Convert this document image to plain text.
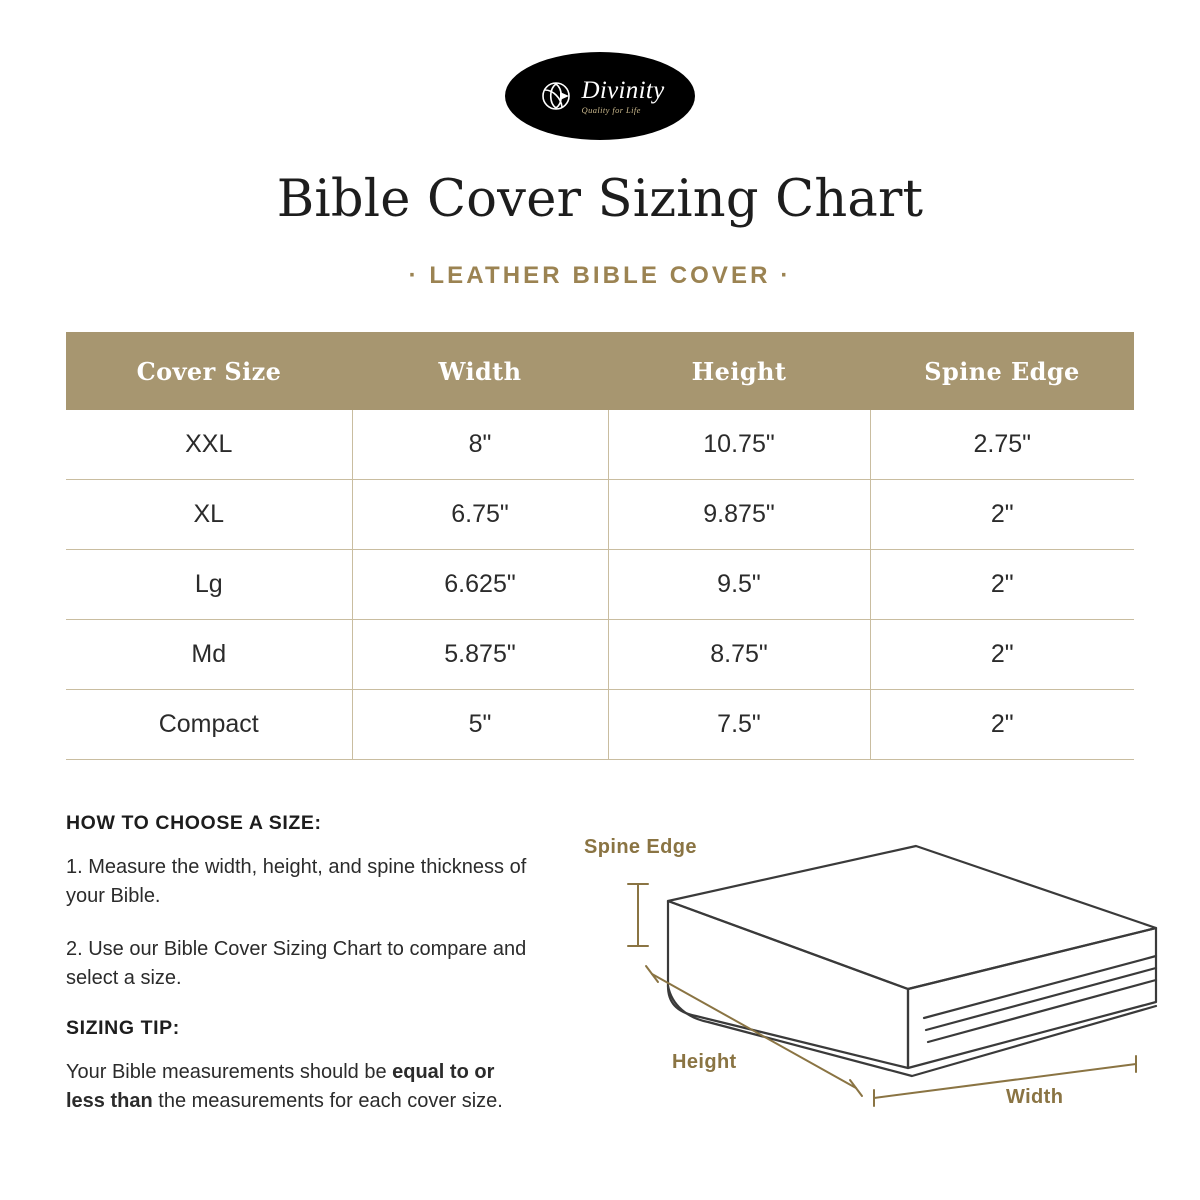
Divinity
Quality for Life
Bible Cover Sizing Chart
· LEATHER BIBLE COVER ·
Cover Size	Width	Height	Spine Edge
XXL	8"	10.75"	2.75"
XL	6.75"	9.875"	2"
Lg	6.625"	9.5"	2"
Md	5.875"	8.75"	2"
Compact	5"	7.5"	2"
HOW TO CHOOSE A SIZE:

1. Measure the width, height, and spine thickness of your Bible.

2. Use our Bible Cover Sizing Chart to compare and select a size.

SIZING TIP:

Your Bible measurements should be equal to or less than the measurements for each cover size.

Spine Edge
Height
Width
